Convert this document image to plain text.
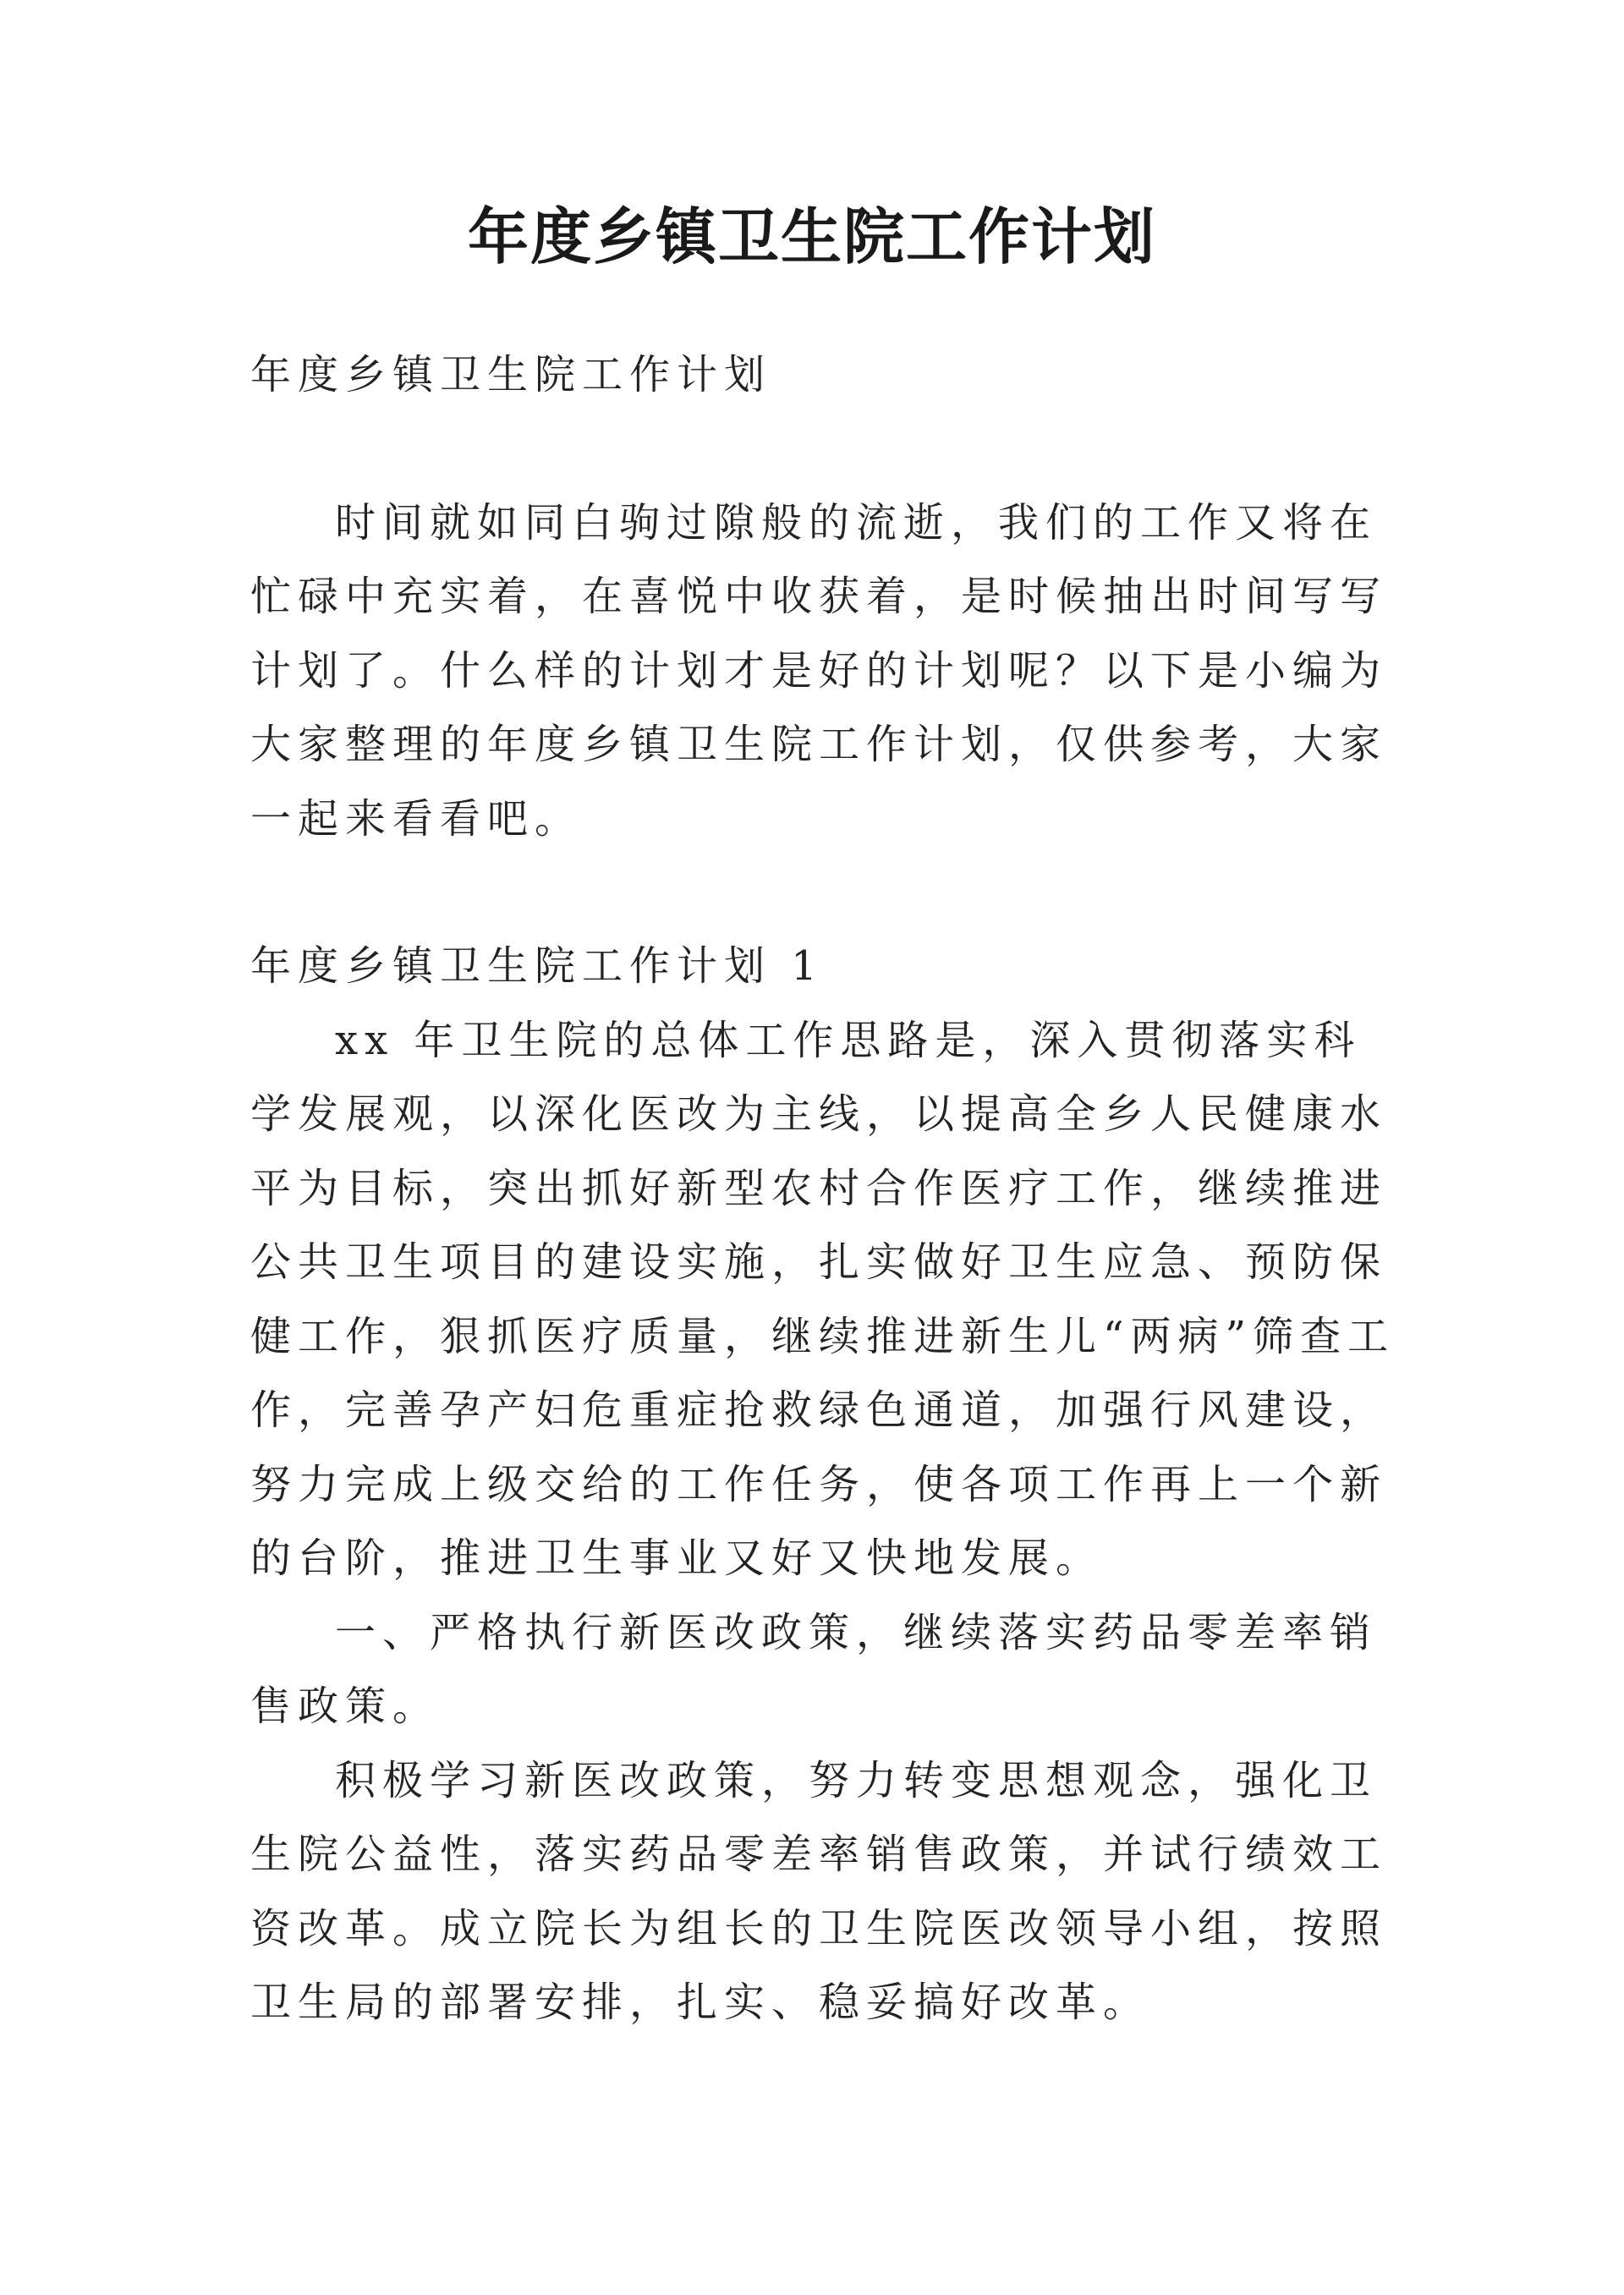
年度乡镇卫生院工作计划

年度乡镇卫生院工作计划

时间就如同白驹过隙般的流逝，我们的工作又将在忙碌中充实着，在喜悦中收获着，是时候抽出时间写写计划了。什么样的计划才是好的计划呢？以下是小编为大家整理的年度乡镇卫生院工作计划，仅供参考，大家一起来看看吧。

年度乡镇卫生院工作计划 1

xx 年卫生院的总体工作思路是，深入贯彻落实科学发展观，以深化医改为主线，以提高全乡人民健康水平为目标，突出抓好新型农村合作医疗工作，继续推进公共卫生项目的建设实施，扎实做好卫生应急、预防保健工作，狠抓医疗质量，继续推进新生儿“两病”筛查工作，完善孕产妇危重症抢救绿色通道，加强行风建设，努力完成上级交给的工作任务，使各项工作再上一个新的台阶，推进卫生事业又好又快地发展。

一、严格执行新医改政策，继续落实药品零差率销售政策。

积极学习新医改政策，努力转变思想观念，强化卫生院公益性，落实药品零差率销售政策，并试行绩效工资改革。成立院长为组长的卫生院医改领导小组，按照卫生局的部署安排，扎实、稳妥搞好改革。
